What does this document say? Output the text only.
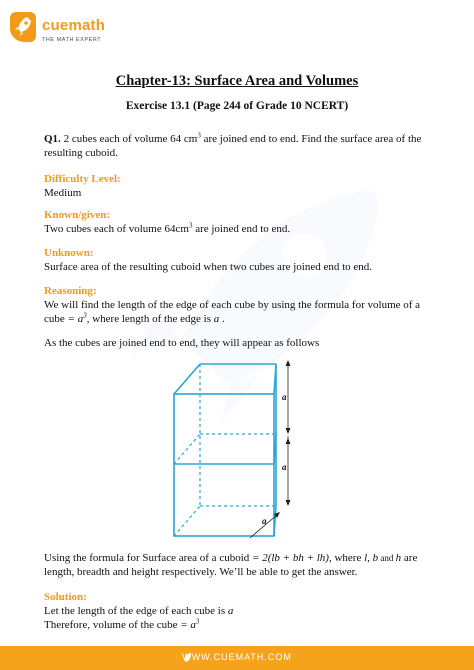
cuemath
THE MATH EXPERT
Chapter-13: Surface Area and Volumes
Exercise 13.1 (Page 244 of Grade 10 NCERT)
Q1. 2 cubes each of volume 64 $cm^3$ are joined end to end. Find the surface area of the resulting cuboid.
Difficulty Level:
Medium
Known/given:
Two cubes each of volume $64cm^3$ are joined end to end.
Unknown:
Surface area of the resulting cuboid when two cubes are joined end to end.
Reasoning:
We will find the length of the edge of each cube by using the formula for volume of a
cube = $a^3$, where length of the edge is a .
As the cubes are joined end to end, they will appear as follows
a
a
a
Using the formula for Surface area of a cuboid = 2(lb + bh + lh), where l, b and h are
length, breadth and height respectively. We’ll be able to get the answer.
Solution:
Let the length of the edge of each cube is a
Therefore, volume of the cube = $a^3$
WWW.CUEMATH.COM
